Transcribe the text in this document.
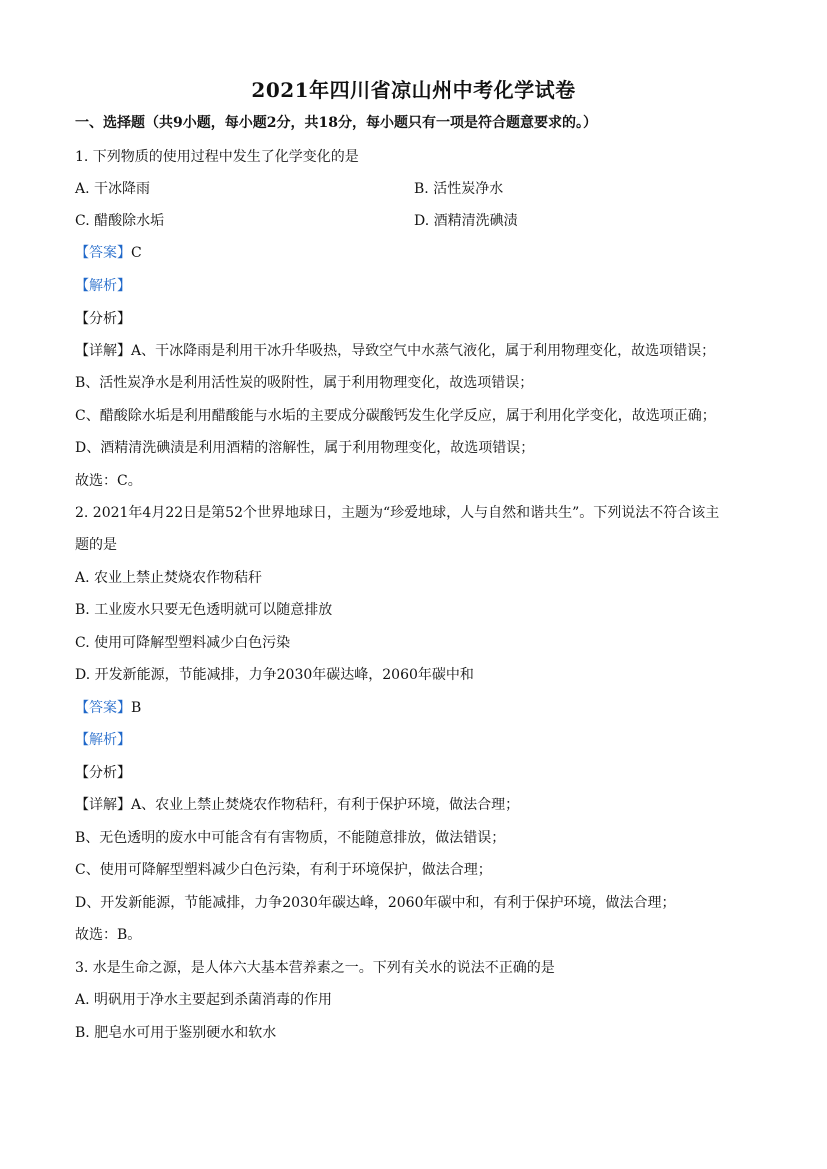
2021年四川省凉山州中考化学试卷
一、选择题（共9小题，每小题2分，共18分，每小题只有一项是符合题意要求的。）
1. 下列物质的使用过程中发生了化学变化的是
A. 干冰降雨	B. 活性炭净水
C. 醋酸除水垢	D. 酒精清洗碘渍
【答案】C
【解析】
【分析】
【详解】A、干冰降雨是利用干冰升华吸热，导致空气中水蒸气液化，属于利用物理变化，故选项错误；
B、活性炭净水是利用活性炭的吸附性，属于利用物理变化，故选项错误；
C、醋酸除水垢是利用醋酸能与水垢的主要成分碳酸钙发生化学反应，属于利用化学变化，故选项正确；
D、酒精清洗碘渍是利用酒精的溶解性，属于利用物理变化，故选项错误；
故选：C。
2. 2021年4月22日是第52个世界地球日，主题为“珍爱地球，人与自然和谐共生”。下列说法不符合该主
题的是
A. 农业上禁止焚烧农作物秸秆
B. 工业废水只要无色透明就可以随意排放
C. 使用可降解型塑料减少白色污染
D. 开发新能源，节能减排，力争2030年碳达峰，2060年碳中和
【答案】B
【解析】
【分析】
【详解】A、农业上禁止焚烧农作物秸秆，有利于保护环境，做法合理；
B、无色透明的废水中可能含有有害物质，不能随意排放，做法错误；
C、使用可降解型塑料减少白色污染，有利于环境保护，做法合理；
D、开发新能源，节能减排，力争2030年碳达峰，2060年碳中和，有利于保护环境，做法合理；
故选：B。
3. 水是生命之源，是人体六大基本营养素之一。下列有关水的说法不正确的是
A. 明矾用于净水主要起到杀菌消毒的作用
B. 肥皂水可用于鉴别硬水和软水
